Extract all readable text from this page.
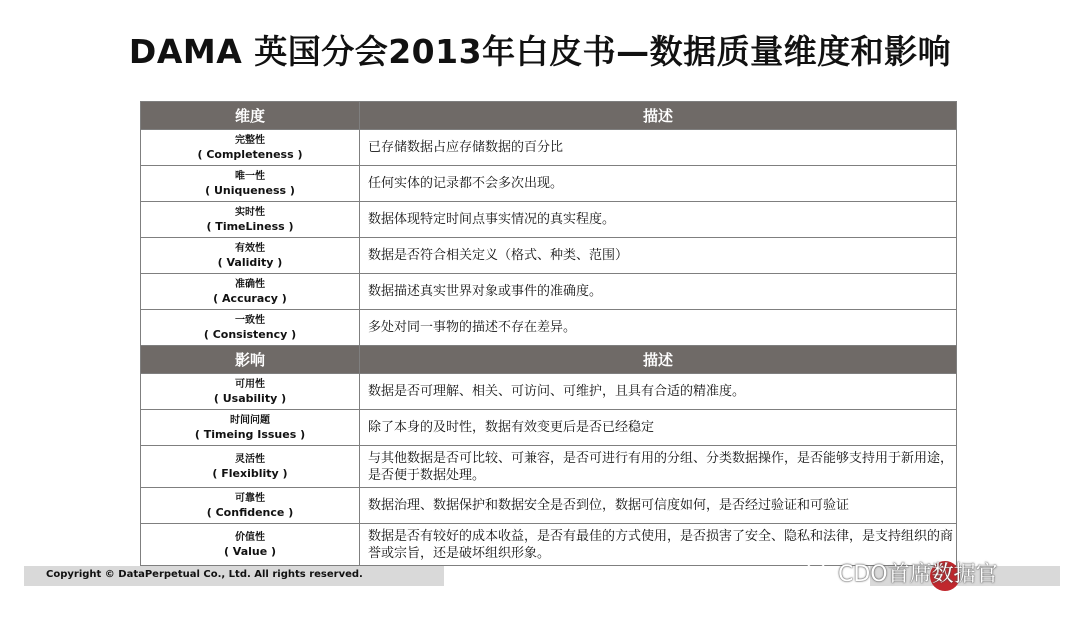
DAMA 英国分会2013年白皮书—数据质量维度和影响
维度	描述

完整性
( Completeness )	已存储数据占应存储数据的百分比

唯一性
( Uniqueness )	任何实体的记录都不会多次出现。

实时性
( TimeLiness )	数据体现特定时间点事实情况的真实程度。

有效性
( Validity )	数据是否符合相关定义（格式、种类、范围）

准确性
( Accuracy )	数据描述真实世界对象或事件的准确度。

一致性
( Consistency )	多处对同一事物的描述不存在差异。
影响	描述

可用性
( Usability )	数据是否可理解、相关、可访问、可维护，且具有合适的精准度。

时间问题
( Timeing Issues )	除了本身的及时性，数据有效变更后是否已经稳定

灵活性
( Flexiblity )	与其他数据是否可比较、可兼容，是否可进行有用的分组、分类数据操作，是否能够支持用于新用途，是否便于数据处理。

可靠性
( Confidence )	数据治理、数据保护和数据安全是否到位，数据可信度如何，是否经过验证和可验证

价值性
( Value )	数据是否有较好的成本收益，是否有最佳的方式使用，是否损害了安全、隐私和法律，是支持组织的商誉或宗旨，还是破坏组织形象。
Copyright © DataPerpetual Co., Ltd. All rights reserved.	CDO首席数据官
